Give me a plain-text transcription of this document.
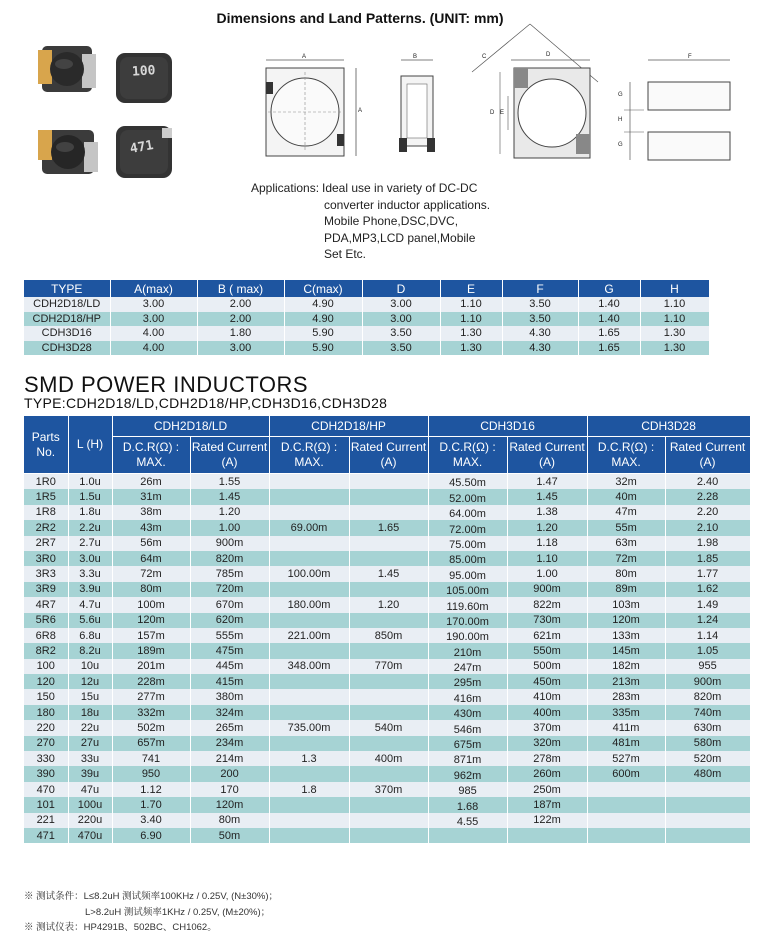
Dimensions and Land Patterns. (UNIT: mm)
100
471
A
A
B	C	D
D E
F
G
H
G
Applications: Ideal use in variety of DC-DC
converter inductor applications.
Mobile Phone,DSC,DVC,
PDA,MP3,LCD panel,Mobile
Set Etc.
TYPE	A(max)	B ( max)	C(max)	D	E	F	G	H
CDH2D18/LD	3.00	2.00	4.90	3.00	1.10	3.50	1.40	1.10
CDH2D18/HP	3.00	2.00	4.90	3.00	1.10	3.50	1.40	1.10
CDH3D16	4.00	1.80	5.90	3.50	1.30	4.30	1.65	1.30
CDH3D28	4.00	3.00	5.90	3.50	1.30	4.30	1.65	1.30
SMD POWER INDUCTORS
TYPE:CDH2D18/LD,CDH2D18/HP,CDH3D16,CDH3D28
Parts No.	L (H)	CDH2D18/LD		CDH2D18/HP		CDH3D16		CDH3D28	
		D.C.R(Ω) : MAX.	Rated Current (A)	D.C.R(Ω) : MAX.	Rated Current (A)	D.C.R(Ω) : MAX.	Rated Current (A)	D.C.R(Ω) : MAX.	Rated Current (A)
1R0	1.0u	26m	1.55			45.50m	1.47	32m	2.40
1R5	1.5u	31m	1.45			52.00m	1.45	40m	2.28
1R8	1.8u	38m	1.20			64.00m	1.38	47m	2.20
2R2	2.2u	43m	1.00	69.00m	1.65	72.00m	1.20	55m	2.10
2R7	2.7u	56m	900m			75.00m	1.18	63m	1.98
3R0	3.0u	64m	820m			85.00m	1.10	72m	1.85
3R3	3.3u	72m	785m	100.00m	1.45	95.00m	1.00	80m	1.77
3R9	3.9u	80m	720m			105.00m	900m	89m	1.62
4R7	4.7u	100m	670m	180.00m	1.20	119.60m	822m	103m	1.49
5R6	5.6u	120m	620m			170.00m	730m	120m	1.24
6R8	6.8u	157m	555m	221.00m	850m	190.00m	621m	133m	1.14
8R2	8.2u	189m	475m			210m	550m	145m	1.05
100	10u	201m	445m	348.00m	770m	247m	500m	182m	955
120	12u	228m	415m			295m	450m	213m	900m
150	15u	277m	380m			416m	410m	283m	820m
180	18u	332m	324m			430m	400m	335m	740m
220	22u	502m	265m	735.00m	540m	546m	370m	411m	630m
270	27u	657m	234m			675m	320m	481m	580m
330	33u	741	214m	1.3	400m	871m	278m	527m	520m
390	39u	950	200			962m	260m	600m	480m
470	47u	1.12	170	1.8	370m	985	250m		
101	100u	1.70	120m			1.68	187m		
221	220u	3.40	80m			4.55	122m		
471	470u	6.90	50m						
※ 测试条件：L≤8.2uH 测试频率100KHz / 0.25V, (N±30%)；
L>8.2uH 测试频率1KHz / 0.25V, (M±20%)；
※ 测试仪表：HP4291B、502BC、CH1062。
